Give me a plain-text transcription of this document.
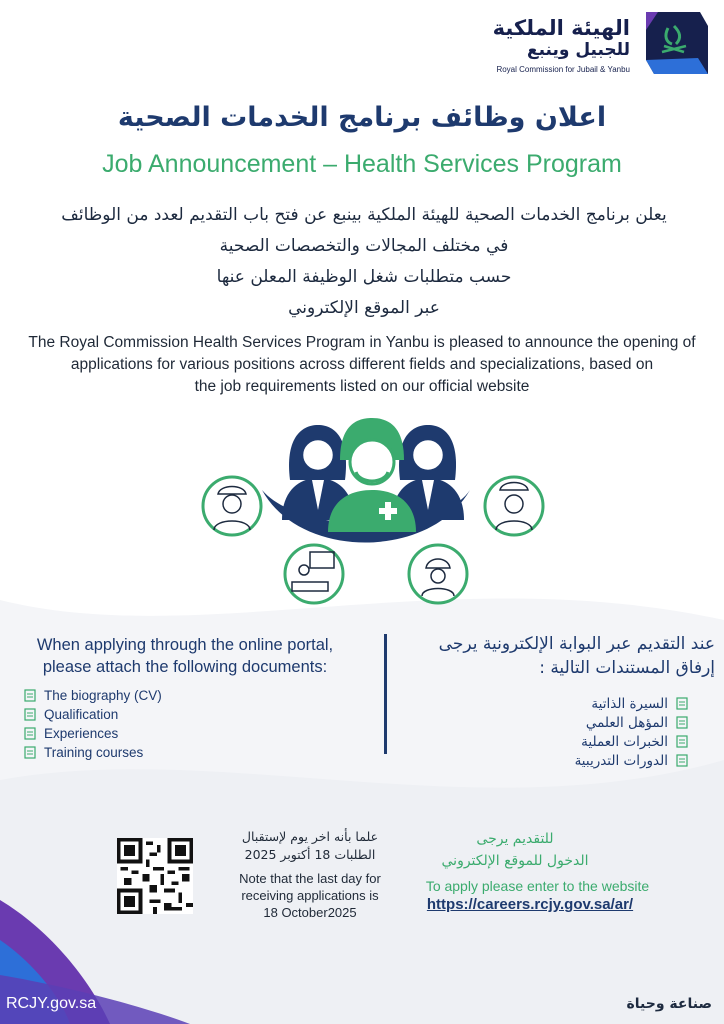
الهيئة الملكية
للجبيل وينبع
Royal Commission for Jubail & Yanbu
اعلان وظائف برنامج الخدمات الصحية
Job Announcement – Health Services Program
يعلن برنامج الخدمات الصحية للهيئة الملكية بينبع عن فتح باب التقديم لعدد من الوظائف
في مختلف المجالات والتخصصات الصحية
حسب متطلبات شغل الوظيفة المعلن عنها
عبر الموقع الإلكتروني
The Royal Commission Health Services Program in Yanbu is pleased to announce the opening of
applications for various positions across different fields and specializations, based on
the job requirements listed on our official website
When applying through the online portal,
please attach the following documents:
عند التقديم عبر البوابة الإلكترونية يرجى
إرفاق المستندات التالية :
The biography (CV)
Qualification
Experiences
Training courses
السيرة الذاتية
المؤهل العلمي
الخبرات العملية
الدورات التدريبية
علما بأنه اخر يوم لإستقبال
الطلبات 18 أكتوبر 2025
Note that the last day for
receiving applications is
18 October2025
للتقديم يرجى
الدخول للموقع الإلكتروني
To apply please enter to the website
https://careers.rcjy.gov.sa/ar/
RCJY.gov.sa	صناعة وحياة
